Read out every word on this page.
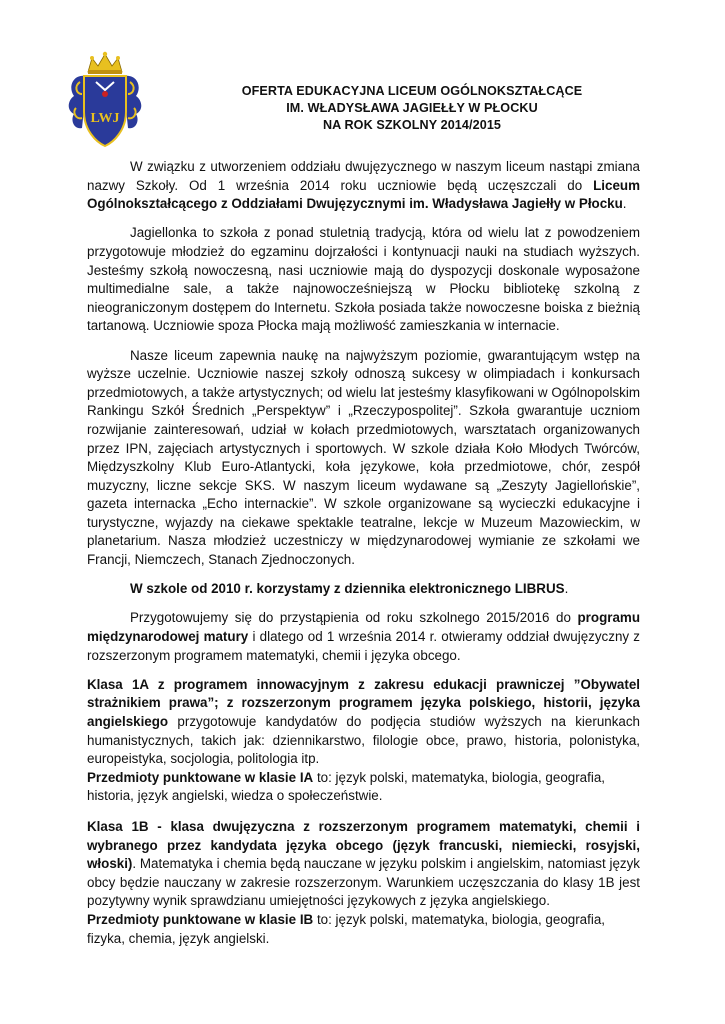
LWJ
OFERTA EDUKACYJNA LICEUM OGÓLNOKSZTAŁCĄCE
IM. WŁADYSŁAWA JAGIEŁŁY W PŁOCKU
NA ROK SZKOLNY 2014/2015

W związku z utworzeniem oddziału dwujęzycznego w naszym liceum nastąpi zmiana nazwy Szkoły. Od 1 września 2014 roku uczniowie będą uczęszczali do Liceum Ogólnokształcącego z Oddziałami Dwujęzycznymi im. Władysława Jagiełły w Płocku.

Jagiellonka to szkoła z ponad stuletnią tradycją, która od wielu lat z powodzeniem przygotowuje młodzież do egzaminu dojrzałości i kontynuacji nauki na studiach wyższych. Jesteśmy szkołą nowoczesną, nasi uczniowie mają do dyspozycji doskonale wyposażone multimedialne sale, a także najnowocześniejszą w Płocku bibliotekę szkolną z nieograniczonym dostępem do Internetu. Szkoła posiada także nowoczesne boiska z bieżnią tartanową. Uczniowie spoza Płocka mają możliwość zamieszkania w internacie.

Nasze liceum zapewnia naukę na najwyższym poziomie, gwarantującym wstęp na wyższe uczelnie. Uczniowie naszej szkoły odnoszą sukcesy w olimpiadach i konkursach przedmiotowych, a także artystycznych; od wielu lat jesteśmy klasyfikowani w Ogólnopolskim Rankingu Szkół Średnich „Perspektyw” i „Rzeczypospolitej”. Szkoła gwarantuje uczniom rozwijanie zainteresowań, udział w kołach przedmiotowych, warsztatach organizowanych przez IPN, zajęciach artystycznych i sportowych. W szkole działa Koło Młodych Twórców, Międzyszkolny Klub Euro-Atlantycki, koła językowe, koła przedmiotowe, chór, zespół muzyczny, liczne sekcje SKS. W naszym liceum wydawane są „Zeszyty Jagiellońskie”, gazeta internacka „Echo internackie”. W szkole organizowane są wycieczki edukacyjne i turystyczne, wyjazdy na ciekawe spektakle teatralne, lekcje w Muzeum Mazowieckim, w planetarium. Nasza młodzież uczestniczy w międzynarodowej wymianie ze szkołami we Francji, Niemczech, Stanach Zjednoczonych.

W szkole od 2010 r. korzystamy z dziennika elektronicznego LIBRUS.

Przygotowujemy się do przystąpienia od roku szkolnego 2015/2016 do programu międzynarodowej matury i dlatego od 1 września 2014 r. otwieramy oddział dwujęzyczny z rozszerzonym programem matematyki, chemii i języka obcego.

Klasa 1A z programem innowacyjnym z zakresu edukacji prawniczej ”Obywatel strażnikiem prawa”; z rozszerzonym programem języka polskiego, historii, języka angielskiego przygotowuje kandydatów do podjęcia studiów wyższych na kierunkach humanistycznych, takich jak: dziennikarstwo, filologie obce, prawo, historia, polonistyka, europeistyka, socjologia, politologia itp.

Przedmioty punktowane w klasie IA to: język polski, matematyka, biologia, geografia, historia, język angielski, wiedza o społeczeństwie.

Klasa 1B - klasa dwujęzyczna z rozszerzonym programem matematyki, chemii i wybranego przez kandydata języka obcego (język francuski, niemiecki, rosyjski, włoski). Matematyka i chemia będą nauczane w języku polskim i angielskim, natomiast język obcy będzie nauczany w zakresie rozszerzonym. Warunkiem uczęszczania do klasy 1B jest pozytywny wynik sprawdzianu umiejętności językowych z języka angielskiego.

Przedmioty punktowane w klasie IB to: język polski, matematyka, biologia, geografia, fizyka, chemia, język angielski.
